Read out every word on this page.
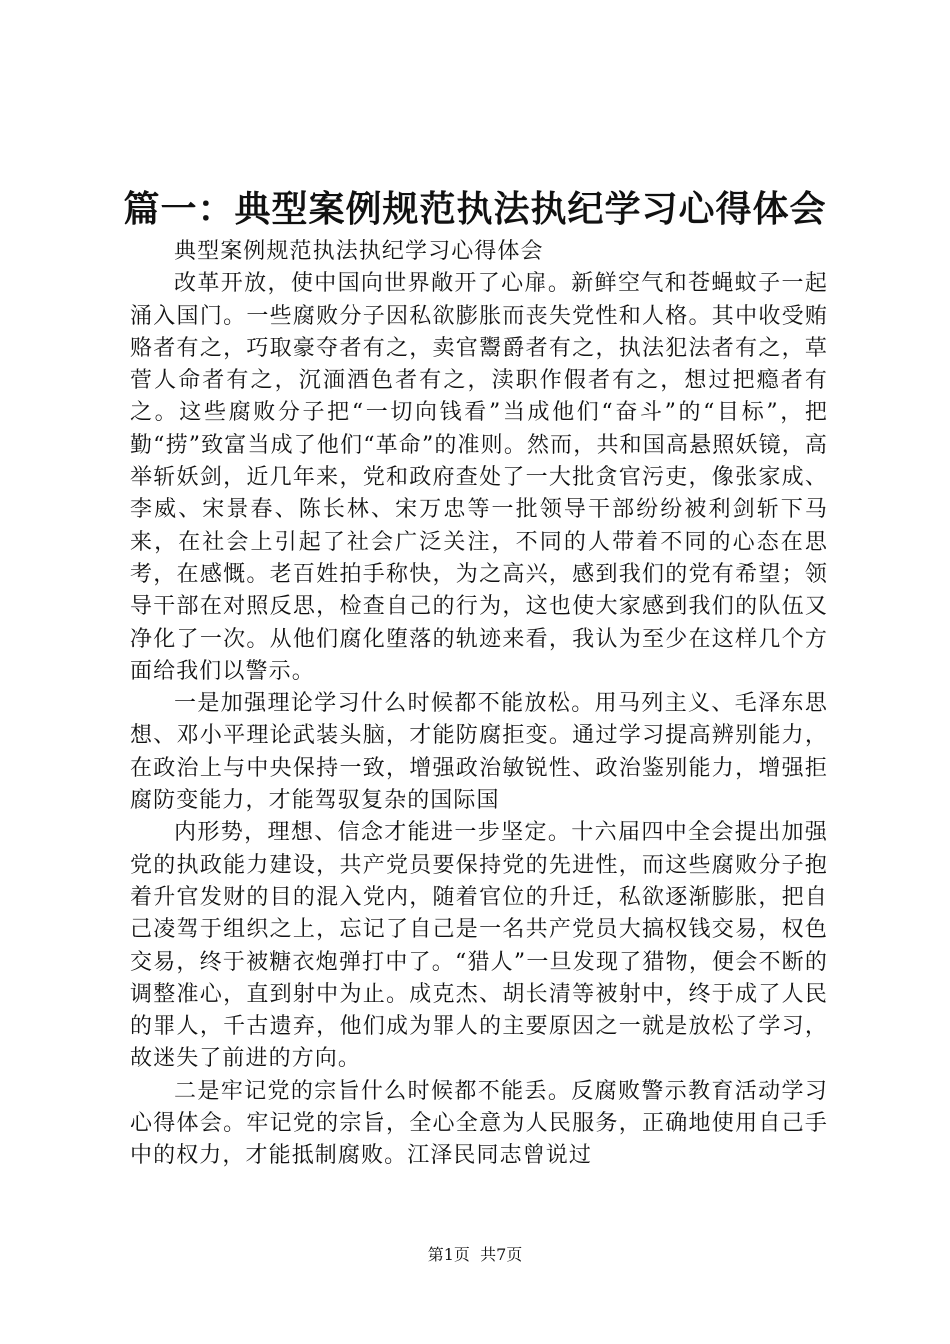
篇一：典型案例规范执法执纪学习心得体会

典型案例规范执法执纪学习心得体会

改革开放，使中国向世界敞开了心扉。新鲜空气和苍蝇蚊子一起涌入国门。一些腐败分子因私欲膨胀而丧失党性和人格。其中收受贿赂者有之，巧取豪夺者有之，卖官鬻爵者有之，执法犯法者有之，草菅人命者有之，沉湎酒色者有之，渎职作假者有之，想过把瘾者有之。这些腐败分子把“一切向钱看”当成他们“奋斗”的“目标”，把勤“捞”致富当成了他们“革命”的准则。然而，共和国高悬照妖镜，高举斩妖剑，近几年来，党和政府查处了一大批贪官污吏，像张家成、李威、宋景春、陈长林、宋万忠等一批领导干部纷纷被利剑斩下马来，在社会上引起了社会广泛关注，不同的人带着不同的心态在思考，在感慨。老百姓拍手称快，为之高兴，感到我们的党有希望；领导干部在对照反思，检查自己的行为，这也使大家感到我们的队伍又净化了一次。从他们腐化堕落的轨迹来看，我认为至少在这样几个方面给我们以警示。

一是加强理论学习什么时候都不能放松。用马列主义、毛泽东思想、邓小平理论武装头脑，才能防腐拒变。通过学习提高辨别能力，在政治上与中央保持一致，增强政治敏锐性、政治鉴别能力，增强拒腐防变能力，才能驾驭复杂的国际国

内形势，理想、信念才能进一步坚定。十六届四中全会提出加强党的执政能力建设，共产党员要保持党的先进性，而这些腐败分子抱着升官发财的目的混入党内，随着官位的升迁，私欲逐渐膨胀，把自己凌驾于组织之上，忘记了自己是一名共产党员大搞权钱交易，权色交易，终于被糖衣炮弹打中了。“猎人”一旦发现了猎物，便会不断的调整准心，直到射中为止。成克杰、胡长清等被射中，终于成了人民的罪人，千古遗弃，他们成为罪人的主要原因之一就是放松了学习，故迷失了前进的方向。

二是牢记党的宗旨什么时候都不能丢。反腐败警示教育活动学习心得体会。牢记党的宗旨，全心全意为人民服务，正确地使用自己手中的权力，才能抵制腐败。江泽民同志曾说过

第1页  共7页
